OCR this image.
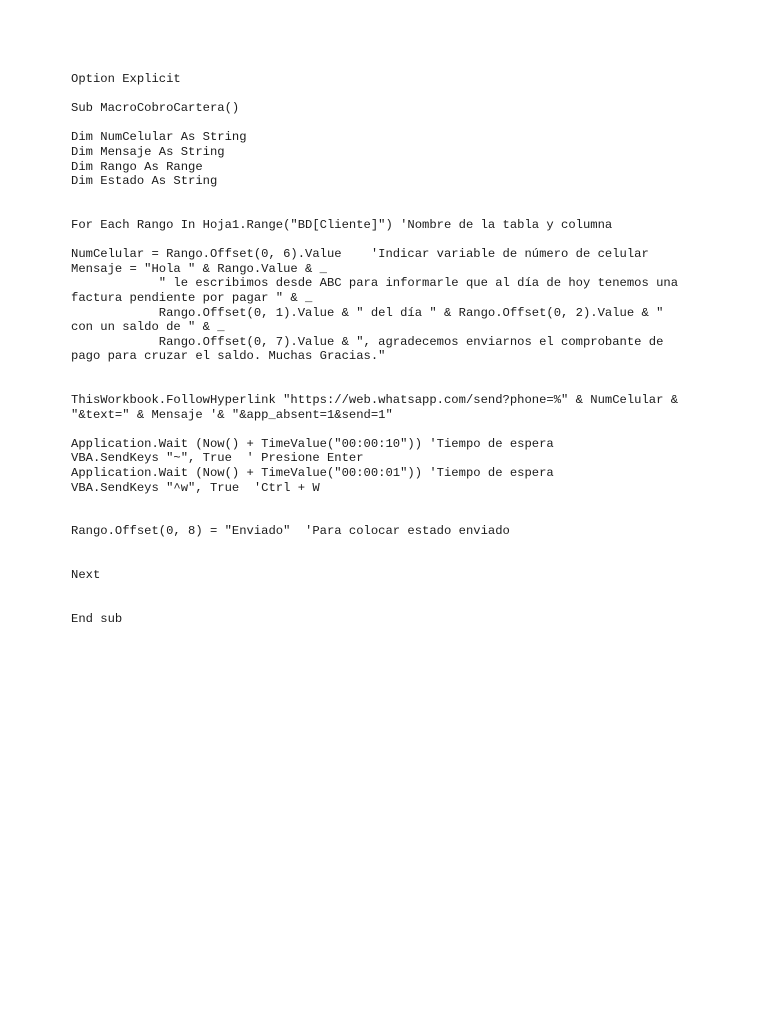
Option Explicit
Sub MacroCobroCartera()
Dim NumCelular As String
Dim Mensaje As String
Dim Rango As Range
Dim Estado As String
For Each Rango In Hoja1.Range("BD[Cliente]") 'Nombre de la tabla y columna
NumCelular = Rango.Offset(0, 6).Value    'Indicar variable de número de celular
Mensaje = "Hola " & Rango.Value & _
" le escribimos desde ABC para informarle que al día de hoy tenemos una
factura pendiente por pagar " & _
Rango.Offset(0, 1).Value & " del día " & Rango.Offset(0, 2).Value & "
con un saldo de " & _
Rango.Offset(0, 7).Value & ", agradecemos enviarnos el comprobante de
pago para cruzar el saldo. Muchas Gracias."
ThisWorkbook.FollowHyperlink "https://web.whatsapp.com/send?phone=%" & NumCelular &
"&text=" & Mensaje '& "&app_absent=1&send=1"
Application.Wait (Now() + TimeValue("00:00:10")) 'Tiempo de espera
VBA.SendKeys "~", True  ' Presione Enter
Application.Wait (Now() + TimeValue("00:00:01")) 'Tiempo de espera
VBA.SendKeys "^w", True  'Ctrl + W
Rango.Offset(0, 8) = "Enviado"  'Para colocar estado enviado
Next
End sub
